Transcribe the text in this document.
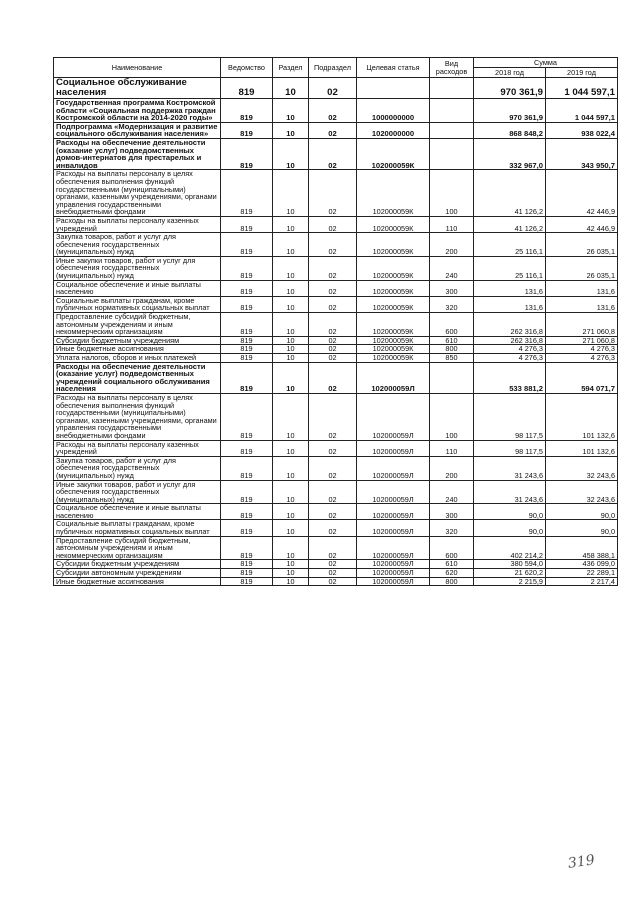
Наименование	Ведомство	Раздел	Подраздел	Целевая статья	Вид расходов	Сумма	
						2018 год	2019 год
Социальное обслуживание населения	819	10	02			970 361,9	1 044 597,1
Государственная программа Костромской области «Социальная поддержка граждан Костромской области на 2014-2020 годы»	819	10	02	1000000000		970 361,9	1 044 597,1
Подпрограмма «Модернизация и развитие социального обслуживания населения»	819	10	02	1020000000		868 848,2	938 022,4
Расходы на обеспечение деятельности (оказание услуг) подведомственных домов-интернатов для престарелых и инвалидов	819	10	02	102000059К		332 967,0	343 950,7
Расходы на выплаты персоналу в целях обеспечения выполнения функций государственными (муниципальными) органами, казенными учреждениями, органами управления государственными внебюджетными фондами	819	10	02	102000059К	100	41 126,2	42 446,9
Расходы на выплаты персоналу казенных учреждений	819	10	02	102000059К	110	41 126,2	42 446,9
Закупка товаров, работ и услуг для обеспечения государственных (муниципальных) нужд	819	10	02	102000059К	200	25 116,1	26 035,1
Иные закупки товаров, работ и услуг для обеспечения государственных (муниципальных) нужд	819	10	02	102000059К	240	25 116,1	26 035,1
Социальное обеспечение и иные выплаты населению	819	10	02	102000059К	300	131,6	131,6
Социальные выплаты гражданам, кроме публичных нормативных социальных выплат	819	10	02	102000059К	320	131,6	131,6
Предоставление субсидий бюджетным, автономным учреждениям и иным некоммерческим организациям	819	10	02	102000059К	600	262 316,8	271 060,8
Субсидии бюджетным учреждениям	819	10	02	102000059К	610	262 316,8	271 060,8
Иные бюджетные ассигнования	819	10	02	102000059К	800	4 276,3	4 276,3
Уплата налогов, сборов и иных платежей	819	10	02	102000059К	850	4 276,3	4 276,3
Расходы на обеспечение деятельности (оказание услуг) подведомственных учреждений социального обслуживания населения	819	10	02	102000059Л		533 881,2	594 071,7
Расходы на выплаты персоналу в целях обеспечения выполнения функций государственными (муниципальными) органами, казенными учреждениями, органами управления государственными внебюджетными фондами	819	10	02	102000059Л	100	98 117,5	101 132,6
Расходы на выплаты персоналу казенных учреждений	819	10	02	102000059Л	110	98 117,5	101 132,6
Закупка товаров, работ и услуг для обеспечения государственных (муниципальных) нужд	819	10	02	102000059Л	200	31 243,6	32 243,6
Иные закупки товаров, работ и услуг для обеспечения государственных (муниципальных) нужд	819	10	02	102000059Л	240	31 243,6	32 243,6
Социальное обеспечение и иные выплаты населению	819	10	02	102000059Л	300	90,0	90,0
Социальные выплаты гражданам, кроме публичных нормативных социальных выплат	819	10	02	102000059Л	320	90,0	90,0
Предоставление субсидий бюджетным, автономным учреждениям и иным некоммерческим организациям	819	10	02	102000059Л	600	402 214,2	458 388,1
Субсидии бюджетным учреждениям	819	10	02	102000059Л	610	380 594,0	436 099,0
Субсидии автономным учреждениям	819	10	02	102000059Л	620	21 620,2	22 289,1
Иные бюджетные ассигнования	819	10	02	102000059Л	800	2 215,9	2 217,4
319
